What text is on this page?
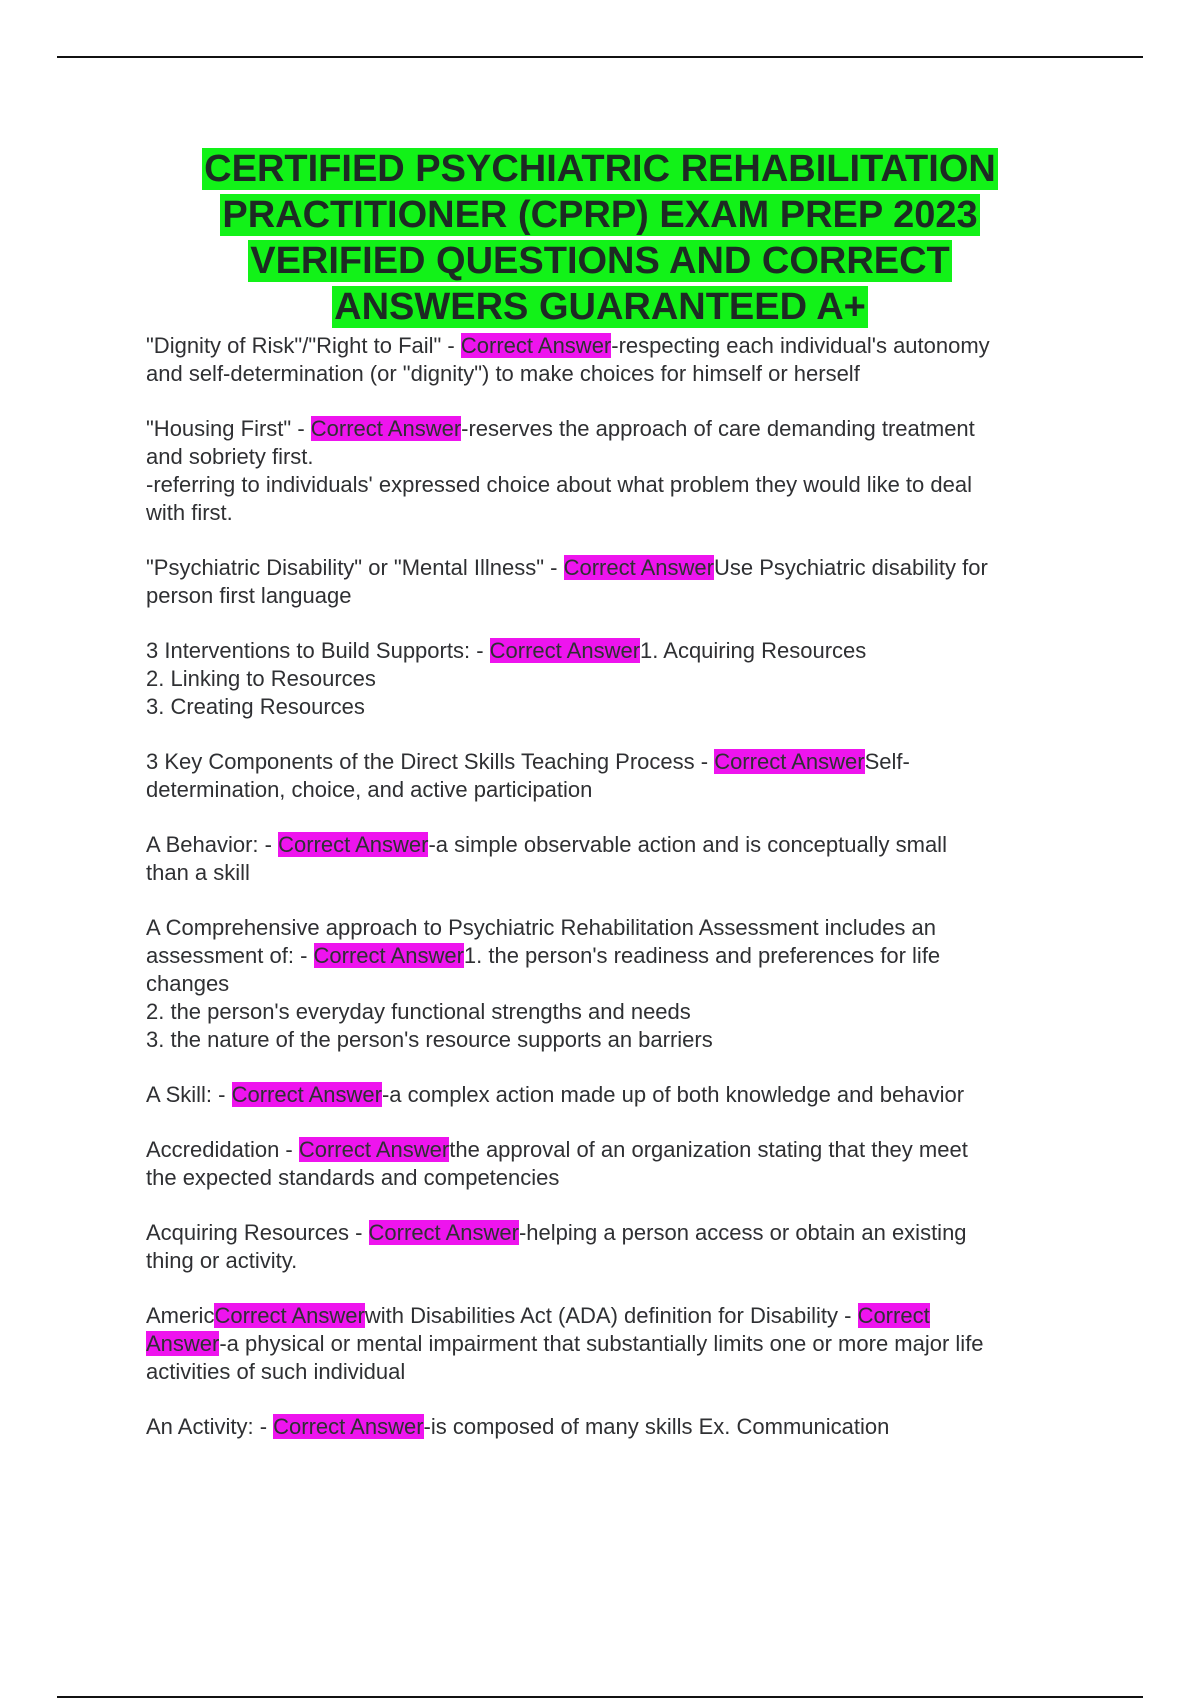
CERTIFIED PSYCHIATRIC REHABILITATION
PRACTITIONER (CPRP) EXAM PREP 2023
VERIFIED QUESTIONS AND CORRECT
ANSWERS GUARANTEED A+
"Dignity of Risk"/"Right to Fail" - Correct Answer-respecting each individual's autonomy
and self-determination (or "dignity") to make choices for himself or herself
"Housing First" - Correct Answer-reserves the approach of care demanding treatment
and sobriety first.
-referring to individuals' expressed choice about what problem they would like to deal
with first.
"Psychiatric Disability" or "Mental Illness" - Correct AnswerUse Psychiatric disability for
person first language
3 Interventions to Build Supports: - Correct Answer1. Acquiring Resources
2. Linking to Resources
3. Creating Resources
3 Key Components of the Direct Skills Teaching Process - Correct AnswerSelf-
determination, choice, and active participation
A Behavior: - Correct Answer-a simple observable action and is conceptually small
than a skill
A Comprehensive approach to Psychiatric Rehabilitation Assessment includes an
assessment of: - Correct Answer1. the person's readiness and preferences for life
changes
2. the person's everyday functional strengths and needs
3. the nature of the person's resource supports an barriers
A Skill: - Correct Answer-a complex action made up of both knowledge and behavior
Accredidation - Correct Answerthe approval of an organization stating that they meet
the expected standards and competencies
Acquiring Resources - Correct Answer-helping a person access or obtain an existing
thing or activity.
AmericCorrect Answerwith Disabilities Act (ADA) definition for Disability - Correct
Answer-a physical or mental impairment that substantially limits one or more major life
activities of such individual
An Activity: - Correct Answer-is composed of many skills Ex. Communication
